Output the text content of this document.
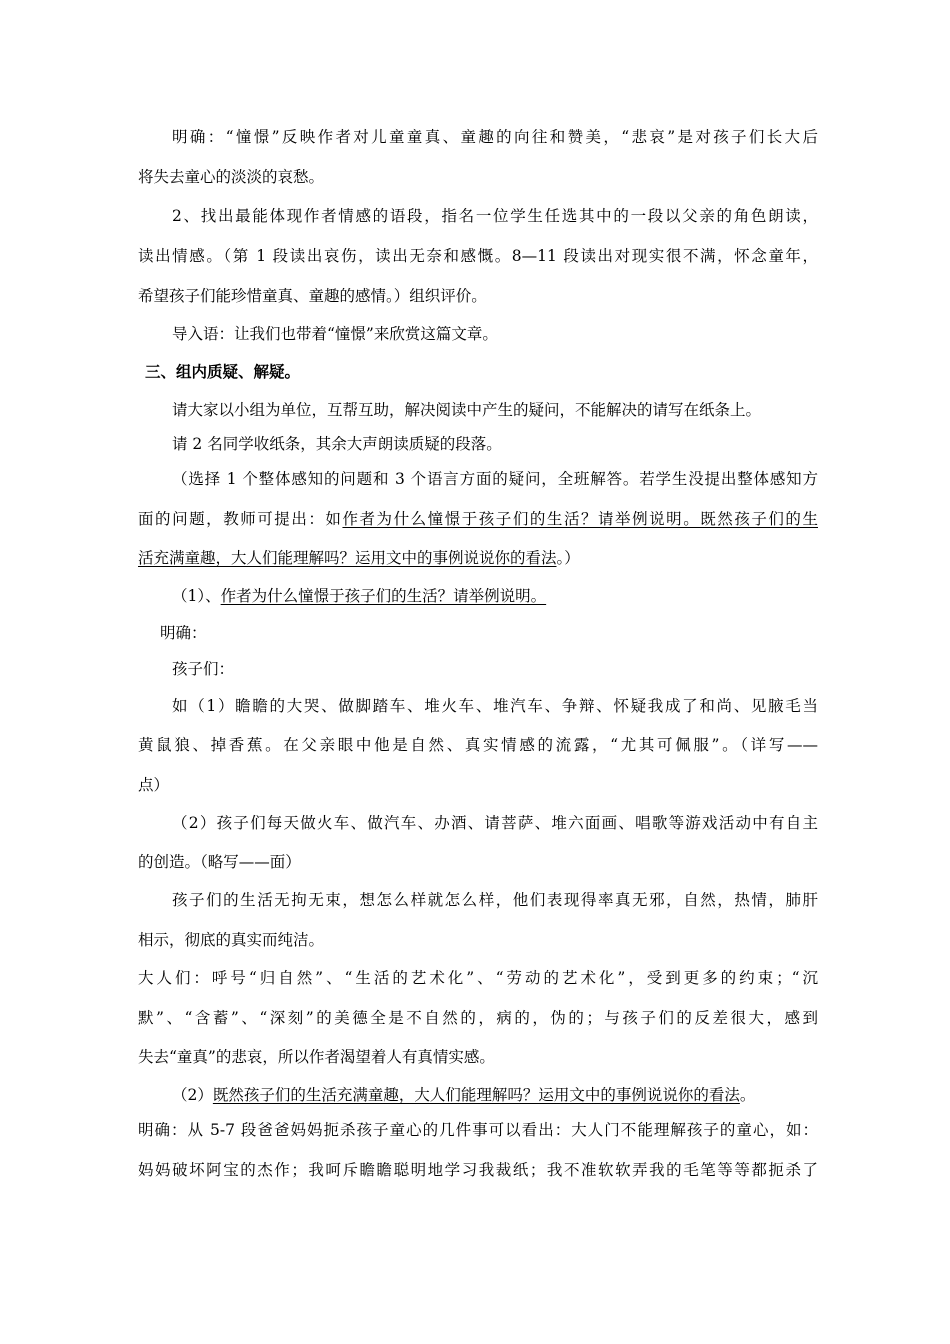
明确：“憧憬”反映作者对儿童童真、童趣的向往和赞美，“悲哀”是对孩子们长大后
将失去童心的淡淡的哀愁。
2、找出最能体现作者情感的语段，指名一位学生任选其中的一段以父亲的角色朗读，
读出情感。（第 1 段读出哀伤，读出无奈和感慨。8—11 段读出对现实很不满，怀念童年，
希望孩子们能珍惜童真、童趣的感情。）组织评价。
导入语：让我们也带着“憧憬”来欣赏这篇文章。
三、组内质疑、解疑。
请大家以小组为单位，互帮互助，解决阅读中产生的疑问，不能解决的请写在纸条上。
请 2 名同学收纸条，其余大声朗读质疑的段落。
（选择 1 个整体感知的问题和 3 个语言方面的疑问，全班解答。若学生没提出整体感知方
面的问题，教师可提出：如作者为什么憧憬于孩子们的生活？请举例说明。既然孩子们的生
活充满童趣，大人们能理解吗？运用文中的事例说说你的看法。）
（1）、作者为什么憧憬于孩子们的生活？请举例说明。
明确：
孩子们：
如（1）瞻瞻的大哭、做脚踏车、堆火车、堆汽车、争辩、怀疑我成了和尚、见腋毛当
黄鼠狼、掉香蕉。在父亲眼中他是自然、真实情感的流露，“尤其可佩服”。（详写——
点）
（2）孩子们每天做火车、做汽车、办酒、请菩萨、堆六面画、唱歌等游戏活动中有自主
的创造。（略写——面）
孩子们的生活无拘无束，想怎么样就怎么样，他们表现得率真无邪，自然，热情，肺肝
相示，彻底的真实而纯洁。
大人们：呼号“归自然”、“生活的艺术化”、“劳动的艺术化”，受到更多的约束；“沉
默”、“含蓄”、“深刻”的美德全是不自然的，病的，伪的；与孩子们的反差很大，感到
失去“童真”的悲哀，所以作者渴望着人有真情实感。
（2）既然孩子们的生活充满童趣，大人们能理解吗？运用文中的事例说说你的看法。
明确：从 5-7 段爸爸妈妈扼杀孩子童心的几件事可以看出：大人门不能理解孩子的童心，如：
妈妈破坏阿宝的杰作；我呵斥瞻瞻聪明地学习我裁纸；我不准软软弄我的毛笔等等都扼杀了
